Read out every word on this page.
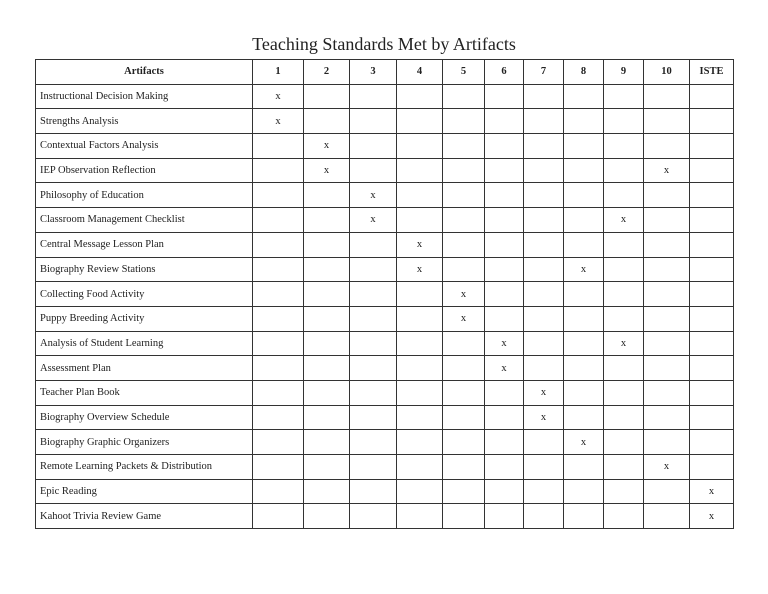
Teaching Standards Met by Artifacts
Artifacts	1	2	3	4	5	6	7	8	9	10	ISTE
Instructional Decision Making	x										
Strengths Analysis	x										
Contextual Factors Analysis		x									
IEP Observation Reflection		x								x	
Philosophy of Education			x								
Classroom Management Checklist			x						x		
Central Message Lesson Plan				x							
Biography Review Stations				x				x			
Collecting Food Activity					x						
Puppy Breeding Activity					x						
Analysis of Student Learning						x			x		
Assessment Plan						x					
Teacher Plan Book							x				
Biography Overview Schedule							x				
Biography Graphic Organizers								x			
Remote Learning Packets & Distribution										x	
Epic Reading											x
Kahoot Trivia Review Game											x
